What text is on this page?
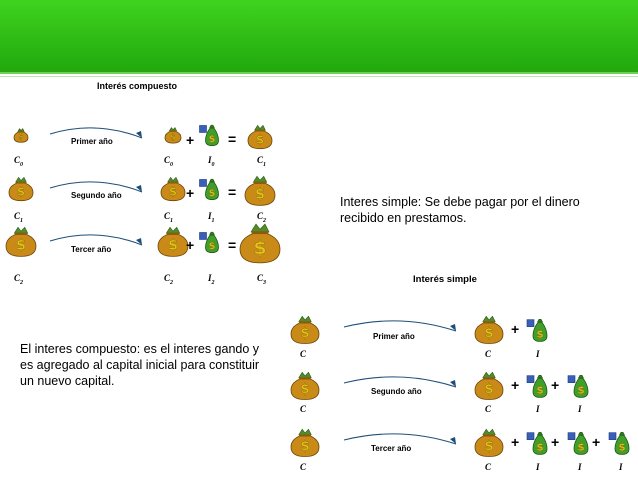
Interés compuesto
$	$	$	$
$	$	$	$
$	$	$ $
Primer año
Segundo año
Tercer año
$C_0$	$C_0$	$I_0$	$C_1$
$C_1$	$C_1$	$I_1$	$C_2$
$C_2$	$C_2$	$I_2$	$C_3$
+ =
+ =
+ =
Interes simple: Se debe pagar por el dinero recibido en prestamos.
Interés simple
$	$	$
$	$	$	$
$	$	$	$	$
Primer año
Segundo año
Tercer año
C	C	I
+
C	C	I	I
+ +
C	C	I	I	I
+ + +
El interes compuesto: es el interes gando y es agregado al capital inicial para constituir un nuevo capital.
